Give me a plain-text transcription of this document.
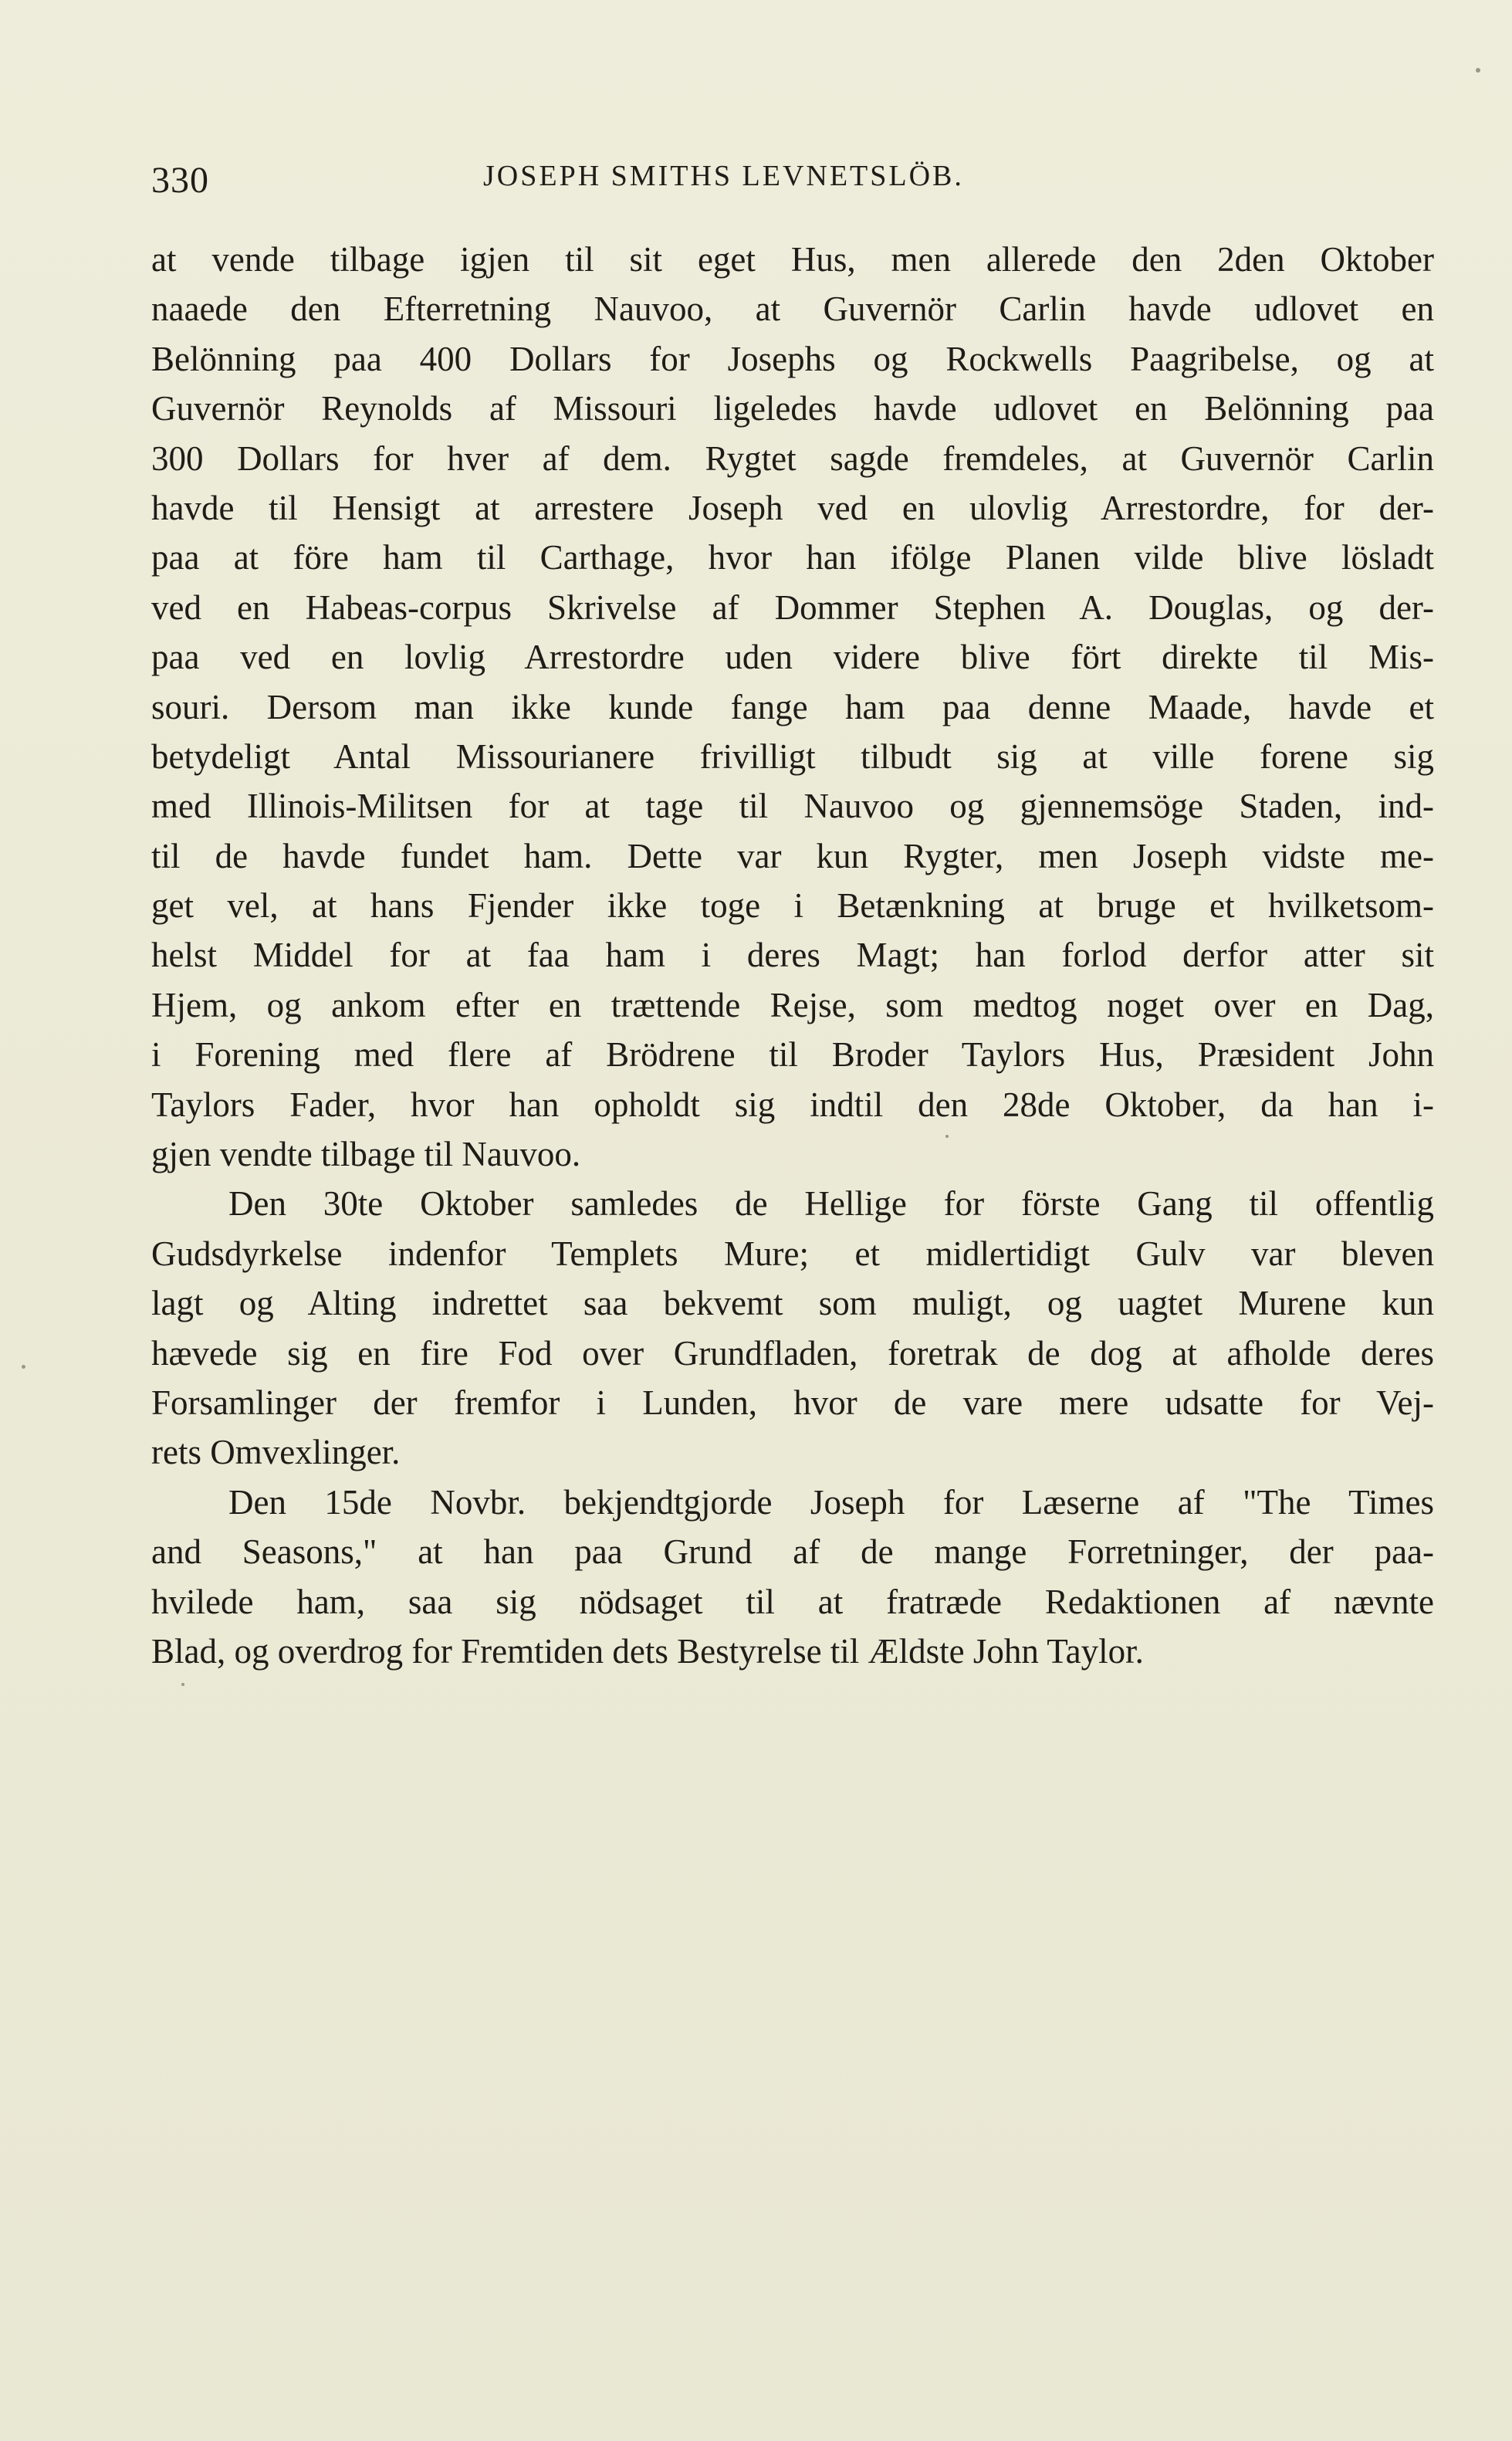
330	JOSEPH SMITHS LEVNETSLÖB.
at vende tilbage igjen til sit eget Hus, men allerede den 2den Oktober
naaede den Efterretning Nauvoo, at Guvernör Carlin havde udlovet en
Belönning paa 400 Dollars for Josephs og Rockwells Paagribelse, og at
Guvernör Reynolds af Missouri ligeledes havde udlovet en Belönning paa
300 Dollars for hver af dem. Rygtet sagde fremdeles, at Guvernör Carlin
havde til Hensigt at arrestere Joseph ved en ulovlig Arrestordre, for der-
paa at före ham til Carthage, hvor han ifölge Planen vilde blive lösladt
ved en Habeas-corpus Skrivelse af Dommer Stephen A. Douglas, og der-
paa ved en lovlig Arrestordre uden videre blive fört direkte til Mis-
souri. Dersom man ikke kunde fange ham paa denne Maade, havde et
betydeligt Antal Missourianere frivilligt tilbudt sig at ville forene sig
med Illinois-Militsen for at tage til Nauvoo og gjennemsöge Staden, ind-
til de havde fundet ham. Dette var kun Rygter, men Joseph vidste me-
get vel, at hans Fjender ikke toge i Betænkning at bruge et hvilketsom-
helst Middel for at faa ham i deres Magt; han forlod derfor atter sit
Hjem, og ankom efter en trættende Rejse, som medtog noget over en Dag,
i Forening med flere af Brödrene til Broder Taylors Hus, Præsident John
Taylors Fader, hvor han opholdt sig indtil den 28de Oktober, da han i-
gjen vendte tilbage til Nauvoo.
Den 30te Oktober samledes de Hellige for förste Gang til offentlig
Gudsdyrkelse indenfor Templets Mure; et midlertidigt Gulv var bleven
lagt og Alting indrettet saa bekvemt som muligt, og uagtet Murene kun
hævede sig en fire Fod over Grundfladen, foretrak de dog at afholde deres
Forsamlinger der fremfor i Lunden, hvor de vare mere udsatte for Vej-
rets Omvexlinger.
Den 15de Novbr. bekjendtgjorde Joseph for Læserne af "The Times
and Seasons," at han paa Grund af de mange Forretninger, der paa-
hvilede ham, saa sig nödsaget til at fratræde Redaktionen af nævnte
Blad, og overdrog for Fremtiden dets Bestyrelse til Ældste John Taylor.
